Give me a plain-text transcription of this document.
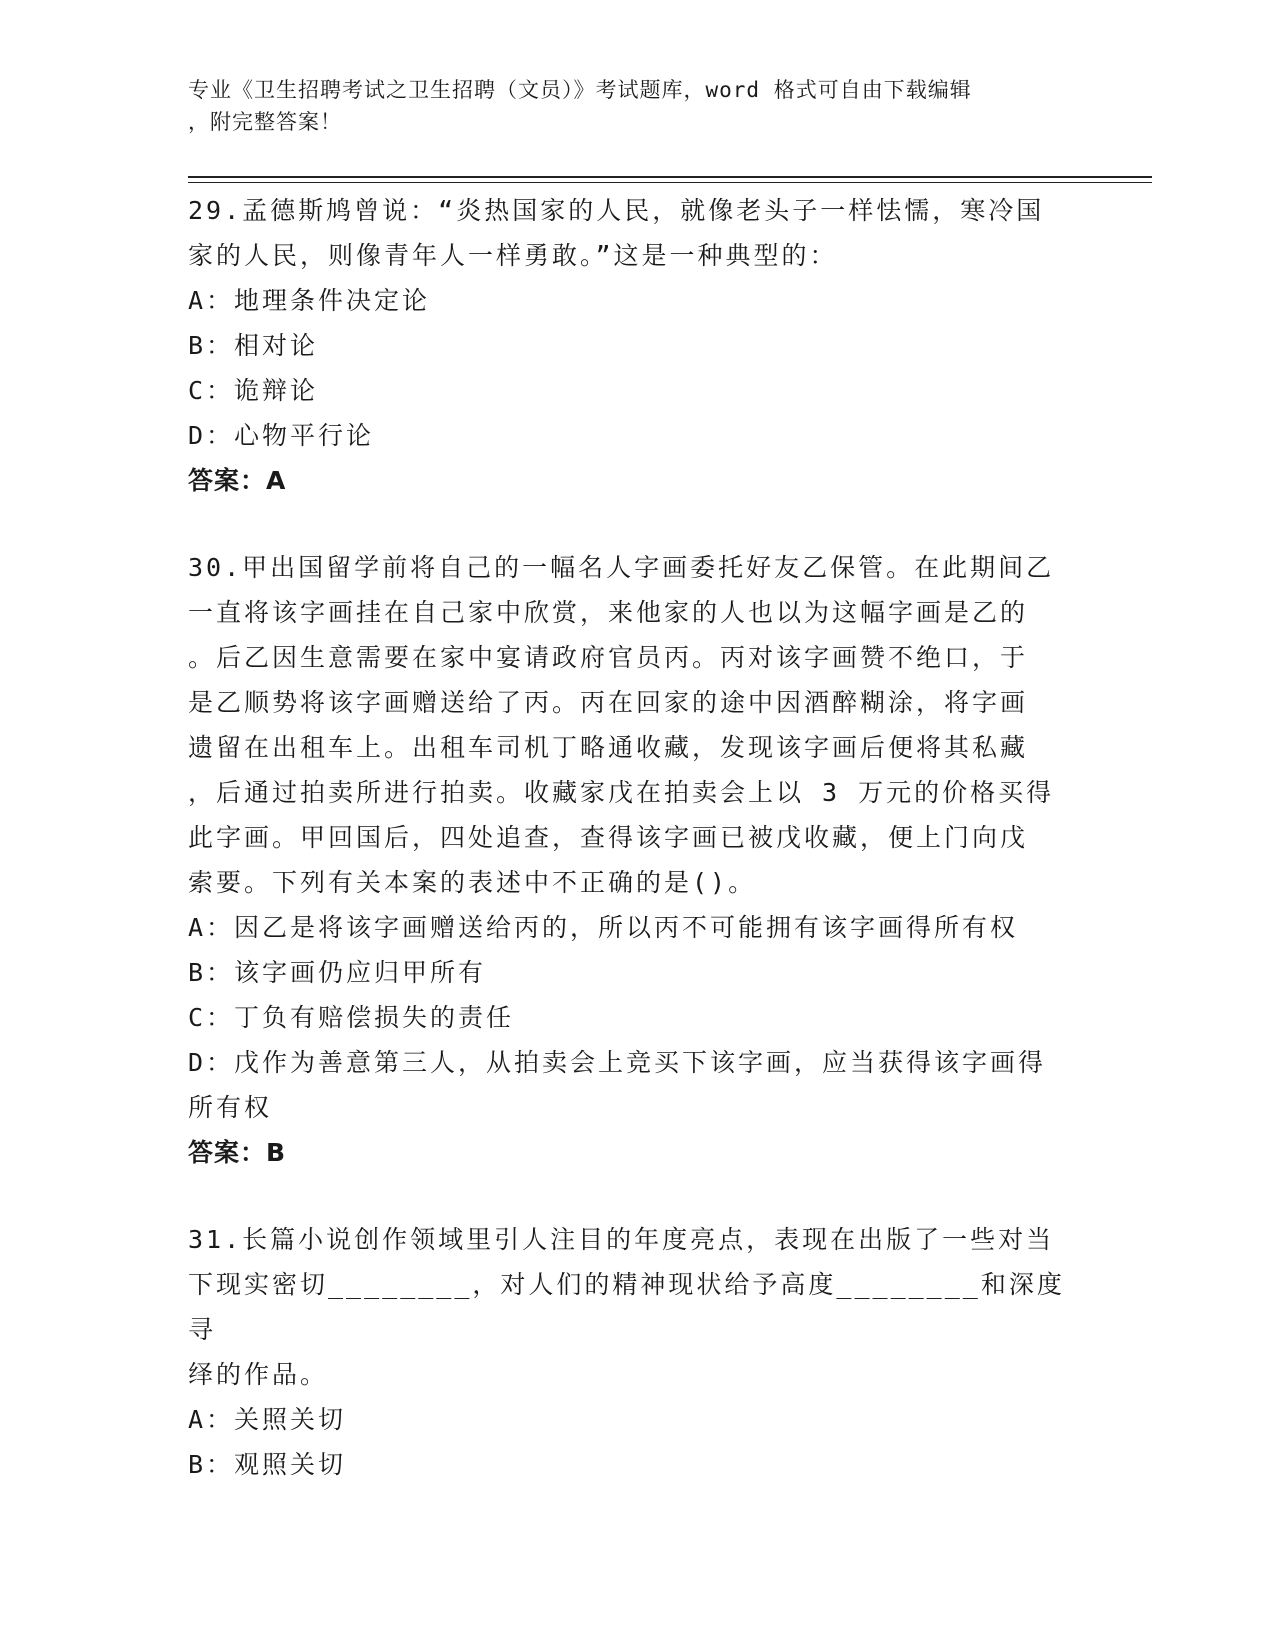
专业《卫生招聘考试之卫生招聘（文员）》考试题库，word 格式可自由下载编辑
，附完整答案！

29.孟德斯鸠曾说：“炎热国家的人民，就像老头子一样怯懦，寒冷国

家的人民，则像青年人一样勇敢。”这是一种典型的：

A：地理条件决定论

B：相对论

C：诡辩论

D：心物平行论

答案：A

30.甲出国留学前将自己的一幅名人字画委托好友乙保管。在此期间乙

一直将该字画挂在自己家中欣赏，来他家的人也以为这幅字画是乙的

。后乙因生意需要在家中宴请政府官员丙。丙对该字画赞不绝口，于

是乙顺势将该字画赠送给了丙。丙在回家的途中因酒醉糊涂，将字画

遗留在出租车上。出租车司机丁略通收藏，发现该字画后便将其私藏

，后通过拍卖所进行拍卖。收藏家戊在拍卖会上以 3 万元的价格买得

此字画。甲回国后，四处追查，查得该字画已被戊收藏，便上门向戊

索要。下列有关本案的表述中不正确的是()。

A：因乙是将该字画赠送给丙的，所以丙不可能拥有该字画得所有权

B：该字画仍应归甲所有

C：丁负有赔偿损失的责任

D：戊作为善意第三人，从拍卖会上竞买下该字画，应当获得该字画得

所有权

答案：B

31.长篇小说创作领域里引人注目的年度亮点，表现在出版了一些对当

下现实密切________，对人们的精神现状给予高度________和深度寻

绎的作品。

A：关照关切

B：观照关切
